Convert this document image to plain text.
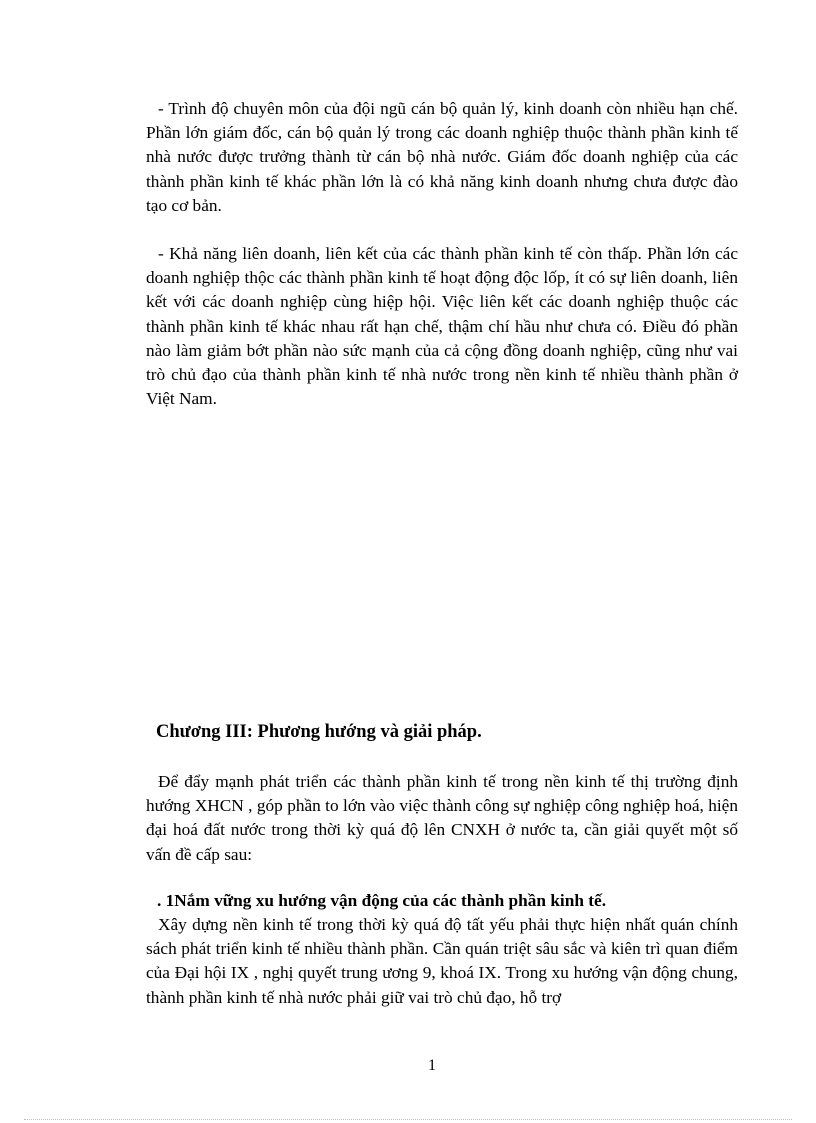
- Trình độ chuyên môn của đội ngũ cán bộ quản lý, kinh doanh còn nhiều hạn chế. Phần lớn giám đốc, cán bộ quản lý trong các doanh nghiệp thuộc thành phần kinh tế nhà nước được trưởng thành từ cán bộ nhà nước. Giám đốc doanh nghiệp của các thành phần kinh tế khác phần lớn là có khả năng kinh doanh nhưng chưa được đào tạo cơ bản.

- Khả năng liên doanh, liên kết của các thành phần kinh tế còn thấp. Phần lớn các doanh nghiệp thộc các thành phần kinh tế hoạt động độc lốp, ít có sự liên doanh, liên kết với các doanh nghiệp cùng hiệp hội. Việc liên kết các doanh nghiệp thuộc các thành phần kinh tế khác nhau rất hạn chế, thậm chí hầu như chưa có. Điều đó phần nào làm giảm bớt phần nào sức mạnh của cả cộng đồng doanh nghiệp, cũng như vai trò chủ đạo của thành phần kinh tế nhà nước trong nền kinh tế nhiều thành phần ở Việt Nam.

Chương III: Phương hướng và giải pháp.

Để đẩy mạnh phát triển các thành phần kinh tế trong nền kinh tế thị trường định hướng XHCN , góp phần to lớn vào việc thành công sự nghiệp công nghiệp hoá, hiện đại hoá đất nước trong thời kỳ quá độ lên CNXH ở nước ta, cần giải quyết một số vấn đề cấp sau:

. 1Nắm vững xu hướng vận động của các thành phần kinh tế.

Xây dựng nền kinh tế trong thời kỳ quá độ tất yếu phải thực hiện nhất quán chính sách phát triển kinh tế nhiều thành phần. Cần quán triệt sâu sắc và kiên trì quan điểm của Đại hội IX , nghị quyết trung ương 9, khoá IX. Trong xu hướng vận động chung, thành phần kinh tế nhà nước phải giữ vai trò chủ đạo, hỗ trợ

1
